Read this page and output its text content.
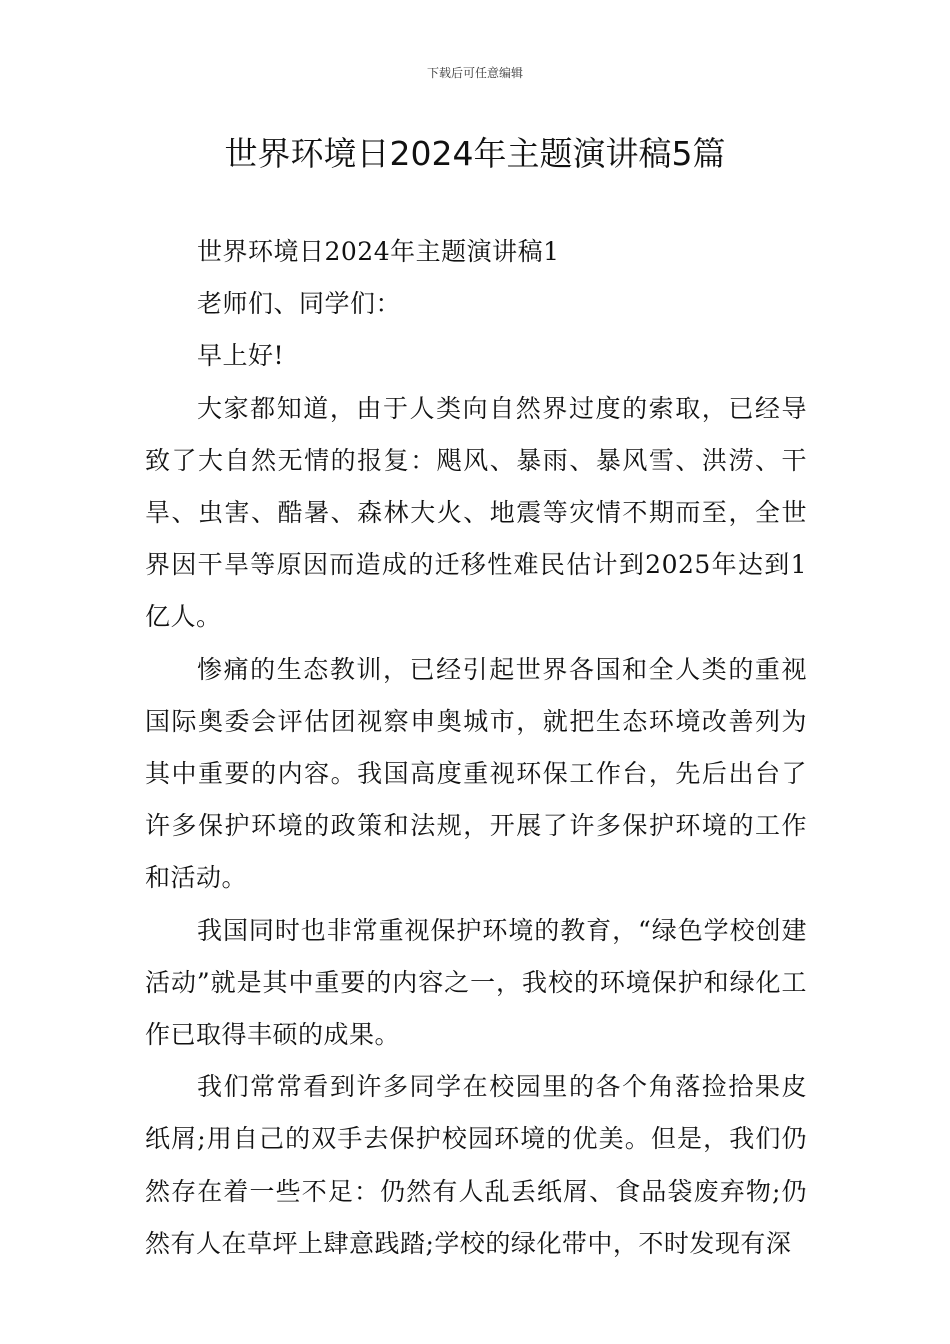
下载后可任意编辑
世界环境日2024年主题演讲稿5篇

世界环境日2024年主题演讲稿1

老师们、同学们：

早上好!

大家都知道，由于人类向自然界过度的索取，已经导致了大自然无情的报复：飓风、暴雨、暴风雪、洪涝、干旱、虫害、酷暑、森林大火、地震等灾情不期而至，全世界因干旱等原因而造成的迁移性难民估计到2025年达到1亿人。

惨痛的生态教训，已经引起世界各国和全人类的重视国际奥委会评估团视察申奥城市，就把生态环境改善列为其中重要的内容。我国高度重视环保工作台，先后出台了许多保护环境的政策和法规，开展了许多保护环境的工作和活动。

我国同时也非常重视保护环境的教育，“绿色学校创建活动”就是其中重要的内容之一，我校的环境保护和绿化工作已取得丰硕的成果。

我们常常看到许多同学在校园里的各个角落捡拾果皮纸屑;用自己的双手去保护校园环境的优美。但是，我们仍然存在着一些不足：仍然有人乱丢纸屑、食品袋废弃物;仍然有人在草坪上肆意践踏;学校的绿化带中，不时发现有深
